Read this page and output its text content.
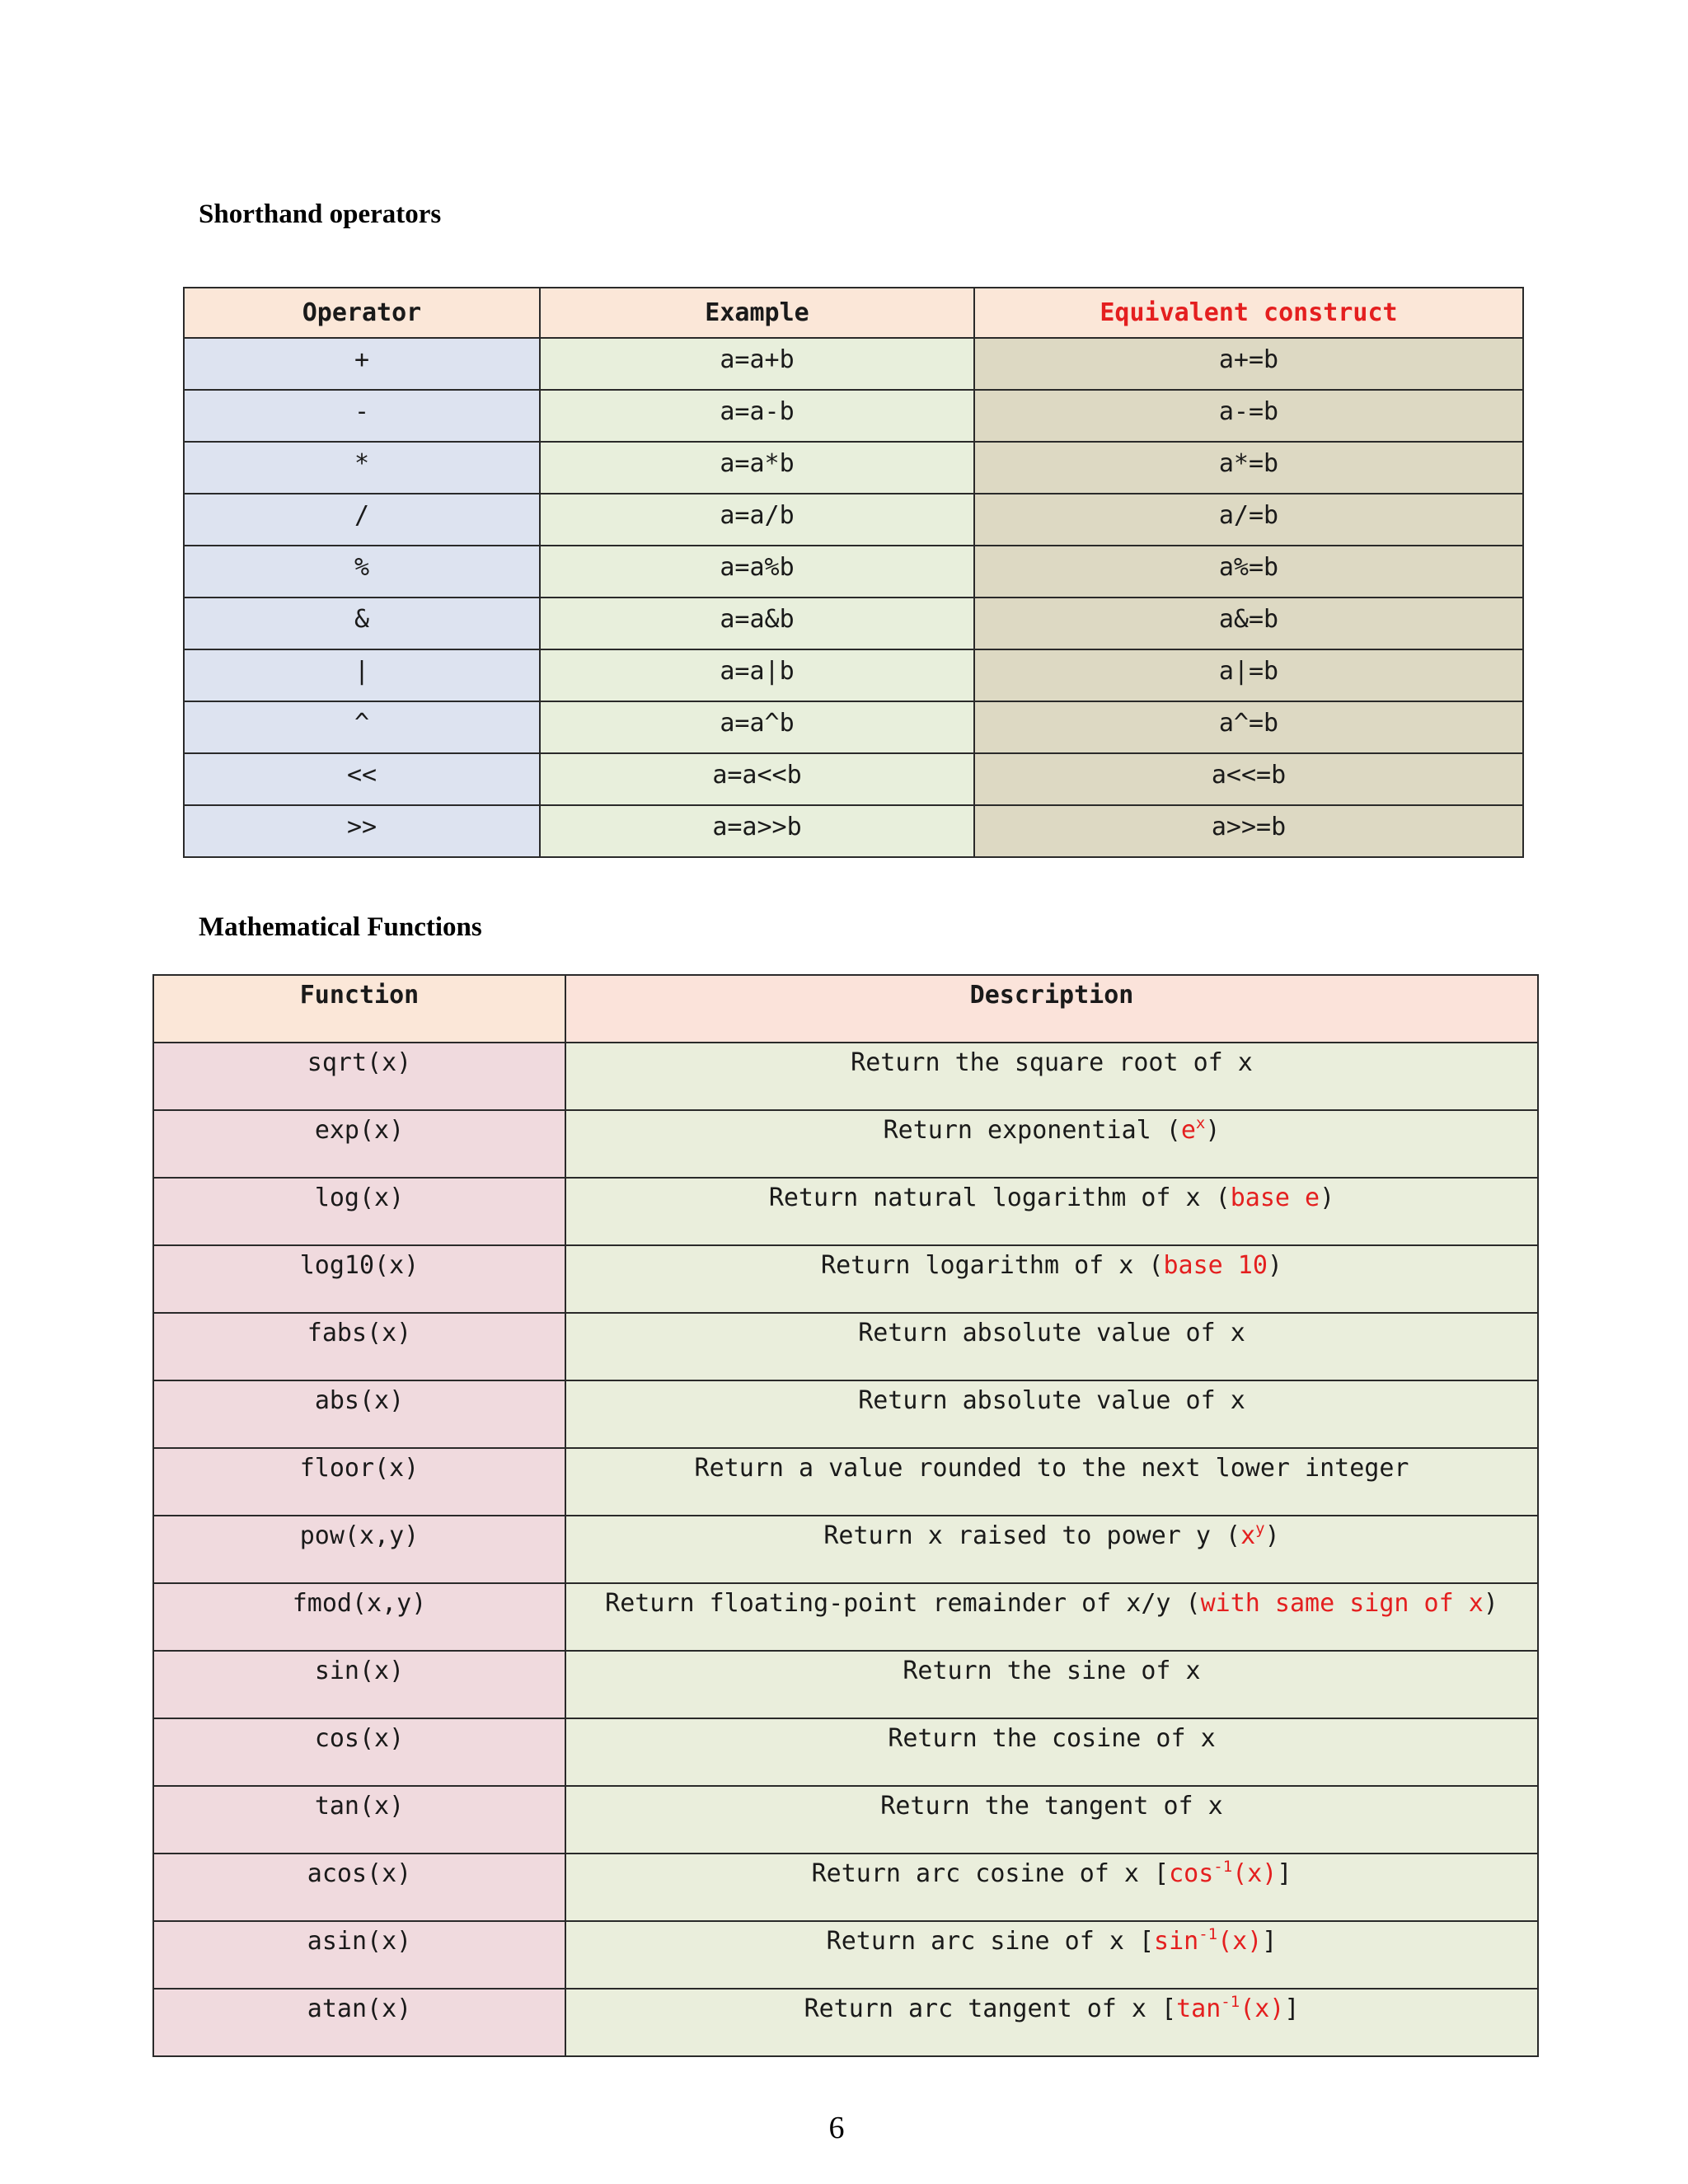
Shorthand operators
Operator	Example	Equivalent construct
+	a=a+b	a+=b
-	a=a-b	a-=b
*	a=a*b	a*=b
/	a=a/b	a/=b
%	a=a%b	a%=b
&	a=a&b	a&=b
|	a=a|b	a|=b
^	a=a^b	a^=b
<<	a=a<<b	a<<=b
>>	a=a>>b	a>>=b
Mathematical Functions
Function	Description
sqrt(x)	Return the square root of x
exp(x)	Return exponential $(e^x)$
log(x)	Return natural logarithm of x (base e)
log10(x)	Return logarithm of x (base 10)
fabs(x)	Return absolute value of x
abs(x)	Return absolute value of x
floor(x)	Return a value rounded to the next lower integer
pow(x,y)	Return x raised to power y $(x^y)$
fmod(x,y)	Return floating-point remainder of x/y (with same sign of x)
sin(x)	Return the sine of x
cos(x)	Return the cosine of x
tan(x)	Return the tangent of x
acos(x)	Return arc cosine of x $[\cos^{-1}(x)]$
asin(x)	Return arc sine of x $[\sin^{-1}(x)]$
atan(x)	Return arc tangent of x $[\tan^{-1}(x)]$

6
